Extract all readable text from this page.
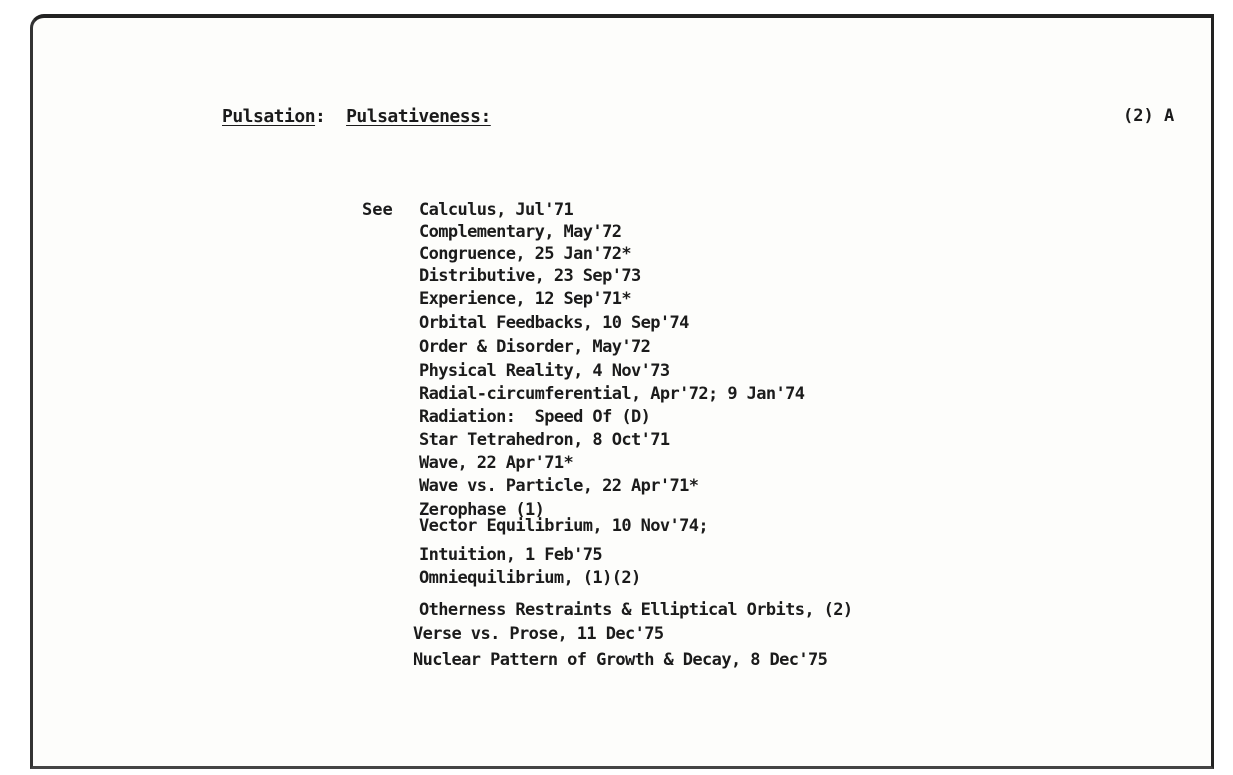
Pulsation:  Pulsativeness:	(2) A
See Calculus, Jul'71
Complementary, May'72
Congruence, 25 Jan'72*
Distributive, 23 Sep'73
Experience, 12 Sep'71*
Orbital Feedbacks, 10 Sep'74
Order & Disorder, May'72
Physical Reality, 4 Nov'73
Radial-circumferential, Apr'72; 9 Jan'74
Radiation:  Speed Of (D)
Star Tetrahedron, 8 Oct'71
Wave, 22 Apr'71*
Wave vs. Particle, 22 Apr'71*
Zerophase (1)
Vector Equilibrium, 10 Nov'74;
Intuition, 1 Feb'75
Omniequilibrium, (1)(2)
Otherness Restraints & Elliptical Orbits, (2)
Verse vs. Prose, 11 Dec'75
Nuclear Pattern of Growth & Decay, 8 Dec'75
